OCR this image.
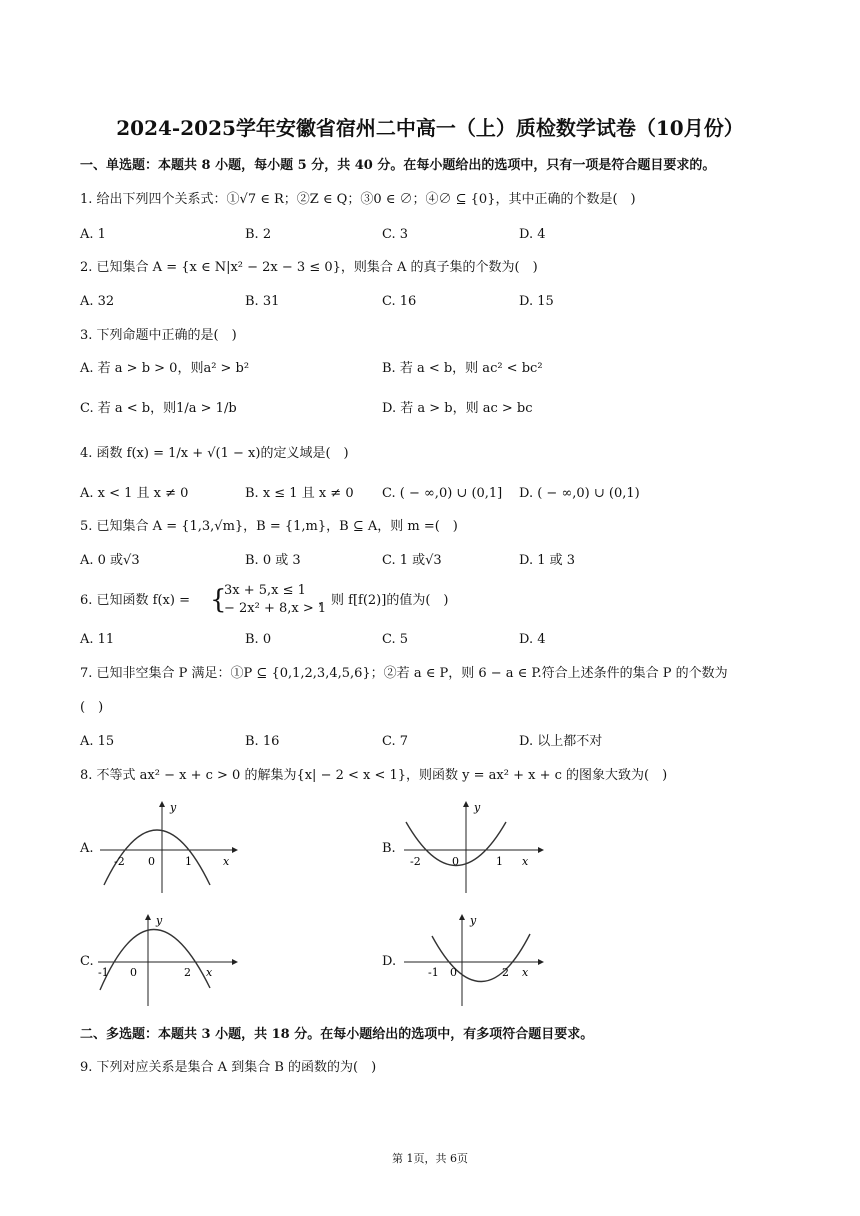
2024-2025学年安徽省宿州二中高一（上）质检数学试卷（10月份）
一、单选题：本题共 8 小题，每小题 5 分，共 40 分。在每小题给出的选项中，只有一项是符合题目要求的。
1. 给出下列四个关系式：①√7 ∈ R；②Z ∈ Q；③0 ∈ ∅；④∅ ⊆ {0}，其中正确的个数是(　)
A. 1	B. 2	C. 3	D. 4
2. 已知集合 A = {x ∈ N|x² − 2x − 3 ≤ 0}，则集合 A 的真子集的个数为(　)
A. 32	B. 31	C. 16	D. 15
3. 下列命题中正确的是(　)
A. 若 a > b > 0，则a² > b²	B. 若 a < b，则 ac² < bc²
C. 若 a < b，则1/a > 1/b	D. 若 a > b，则 ac > bc
4. 函数 f(x) = 1/x + √(1 − x)的定义域是(　)
A. x < 1 且 x ≠ 0	B. x ≤ 1 且 x ≠ 0 C. ( − ∞,0) ∪ (0,1] D. ( − ∞,0) ∪ (0,1)
5. 已知集合 A = {1,3,√m}，B = {1,m}，B ⊆ A，则 m =(　)
A. 0 或√3	B. 0 或 3	C. 1 或√3	D. 1 或 3
6. 已知函数 f(x) = {
3x + 5,x ≤ 1
− 2x² + 8,x > 1
，则 f[f(2)]的值为(　)
A. 11	B. 0	C. 5	D. 4
7. 已知非空集合 P 满足：①P ⊆ {0,1,2,3,4,5,6}；②若 a ∈ P，则 6 − a ∈ P.符合上述条件的集合 P 的个数为
(　)
A. 15	B. 16	C. 7	D. 以上都不对
8. 不等式 ax² − x + c > 0 的解集为{x| − 2 < x < 1}，则函数 y = ax² + x + c 的图象大致为(　)
A.	B.
C.	D.
-2 0	1	x
y
-2	0	1 x
y
-1 0	2 x
y
-1 0	2 x
y
二、多选题：本题共 3 小题，共 18 分。在每小题给出的选项中，有多项符合题目要求。
9. 下列对应关系是集合 A 到集合 B 的函数的为(　)
第 1页，共 6页
